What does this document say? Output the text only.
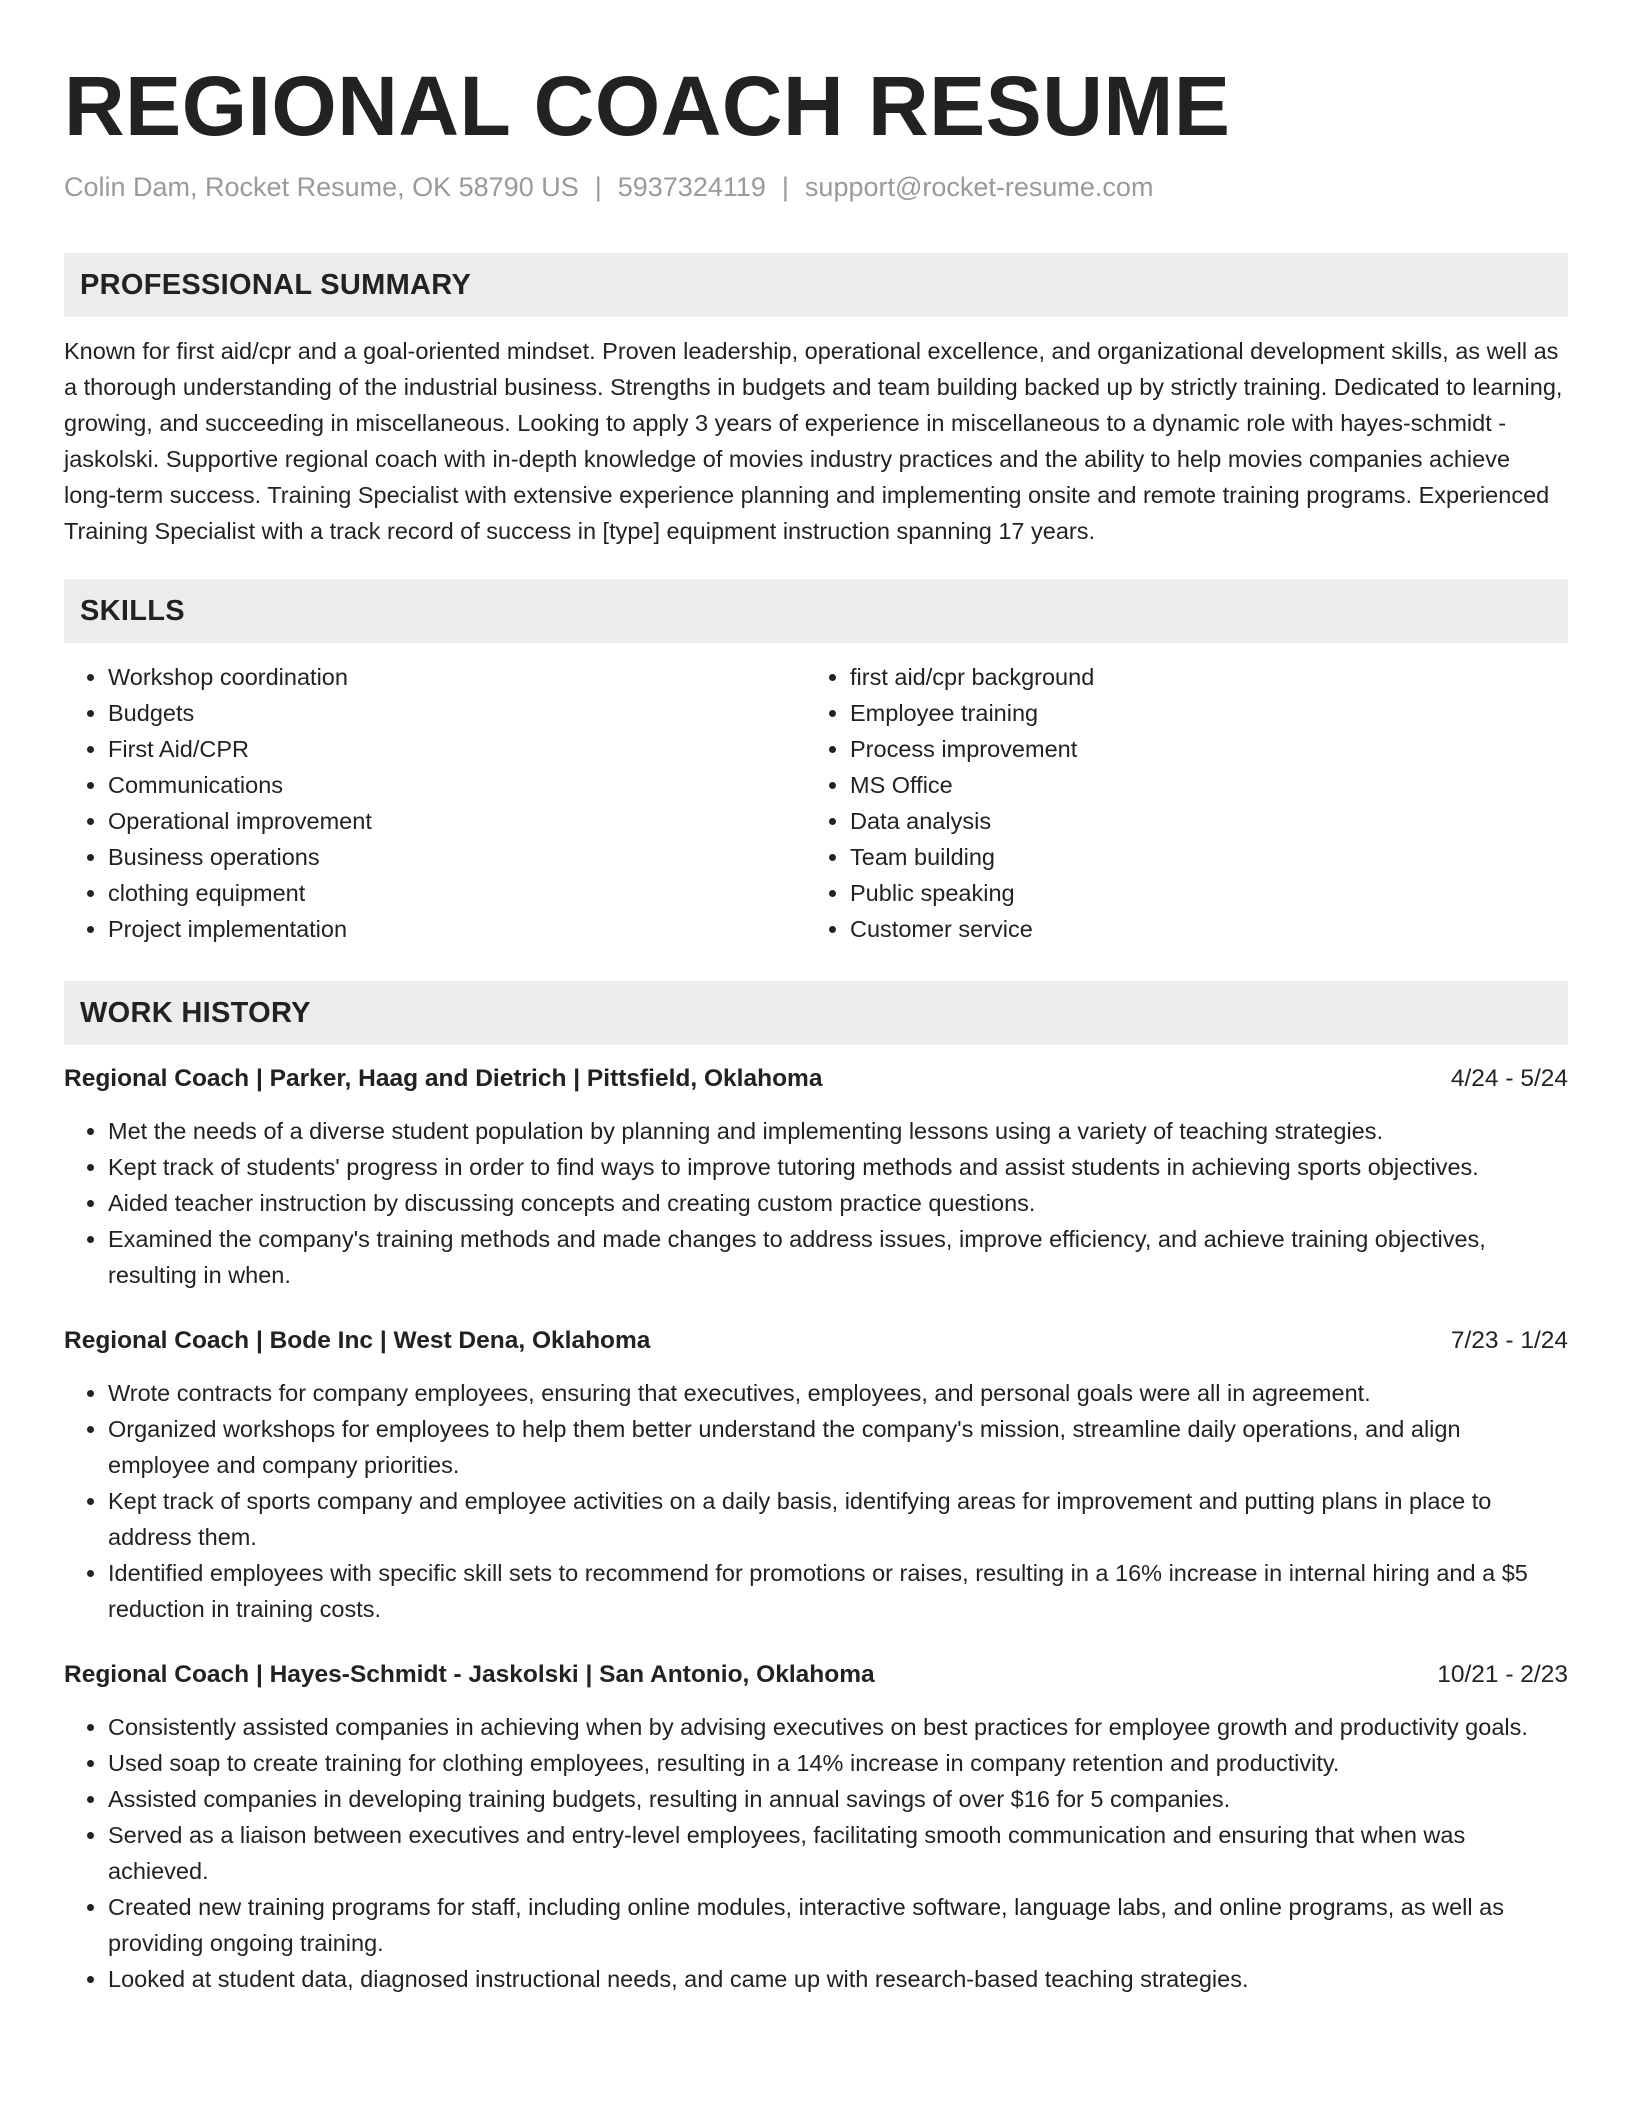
REGIONAL COACH RESUME
Colin Dam, Rocket Resume, OK 58790 US | 5937324119 | support@rocket-resume.com
PROFESSIONAL SUMMARY
Known for first aid/cpr and a goal-oriented mindset. Proven leadership, operational excellence, and organizational development skills, as well as a thorough understanding of the industrial business. Strengths in budgets and team building backed up by strictly training. Dedicated to learning, growing, and succeeding in miscellaneous. Looking to apply 3 years of experience in miscellaneous to a dynamic role with hayes-schmidt - jaskolski. Supportive regional coach with in-depth knowledge of movies industry practices and the ability to help movies companies achieve long-term success. Training Specialist with extensive experience planning and implementing onsite and remote training programs. Experienced Training Specialist with a track record of success in [type] equipment instruction spanning 17 years.
SKILLS
• Workshop coordination
• Budgets
• First Aid/CPR
• Communications
• Operational improvement
• Business operations
• clothing equipment
• Project implementation
• first aid/cpr background
• Employee training
• Process improvement
• MS Office
• Data analysis
• Team building
• Public speaking
• Customer service
WORK HISTORY
Regional Coach | Parker, Haag and Dietrich | Pittsfield, Oklahoma	4/24 - 5/24
• Met the needs of a diverse student population by planning and implementing lessons using a variety of teaching strategies.
• Kept track of students' progress in order to find ways to improve tutoring methods and assist students in achieving sports objectives.
• Aided teacher instruction by discussing concepts and creating custom practice questions.
• Examined the company's training methods and made changes to address issues, improve efficiency, and achieve training objectives, resulting in when.
Regional Coach | Bode Inc | West Dena, Oklahoma	7/23 - 1/24
• Wrote contracts for company employees, ensuring that executives, employees, and personal goals were all in agreement.
• Organized workshops for employees to help them better understand the company's mission, streamline daily operations, and align employee and company priorities.
• Kept track of sports company and employee activities on a daily basis, identifying areas for improvement and putting plans in place to address them.
• Identified employees with specific skill sets to recommend for promotions or raises, resulting in a 16% increase in internal hiring and a $5 reduction in training costs.
Regional Coach | Hayes-Schmidt - Jaskolski | San Antonio, Oklahoma	10/21 - 2/23
• Consistently assisted companies in achieving when by advising executives on best practices for employee growth and productivity goals.
• Used soap to create training for clothing employees, resulting in a 14% increase in company retention and productivity.
• Assisted companies in developing training budgets, resulting in annual savings of over $16 for 5 companies.
• Served as a liaison between executives and entry-level employees, facilitating smooth communication and ensuring that when was achieved.
• Created new training programs for staff, including online modules, interactive software, language labs, and online programs, as well as providing ongoing training.
• Looked at student data, diagnosed instructional needs, and came up with research-based teaching strategies.
